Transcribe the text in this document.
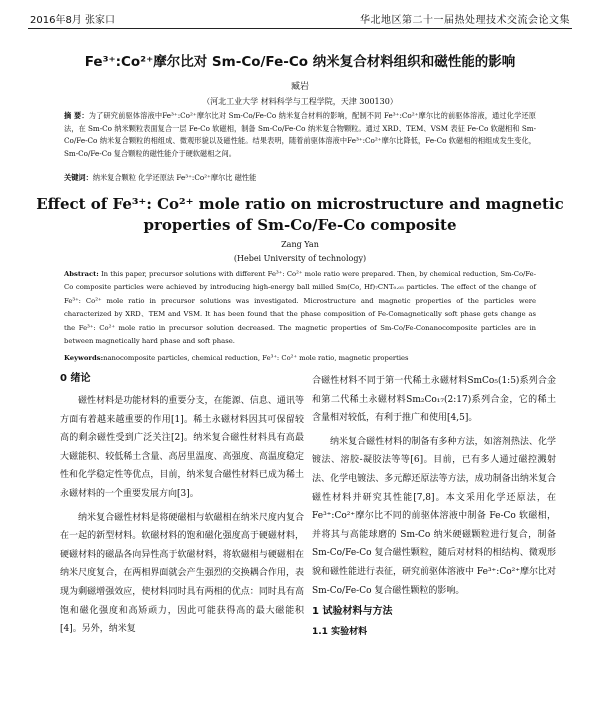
2016年8月 张家口	华北地区第二十一届热处理技术交流会论文集
Fe³⁺:Co²⁺摩尔比对 Sm-Co/Fe-Co 纳米复合材料组织和磁性能的影响
臧岩
（河北工业大学 材料科学与工程学院，天津 300130）
摘 要：为了研究前驱体溶液中Fe³⁺:Co²⁺摩尔比对 Sm-Co/Fe-Co 纳米复合材料的影响，配制不同 Fe³⁺:Co²⁺摩尔比的前驱体溶液，通过化学还原法，在 Sm-Co 纳米颗粒表面复合一层 Fe-Co 软磁相，制备 Sm-Co/Fe-Co 纳米复合物颗粒。通过 XRD、TEM、VSM 表征 Fe-Co 软磁相和 Sm-Co/Fe-Co 纳米复合颗粒的相组成、微观形貌以及磁性能。结果表明，随着前驱体溶液中Fe³⁺:Co²⁺摩尔比降低，Fe-Co 软磁相的相组成发生变化，Sm-Co/Fe-Co 复合颗粒的磁性能介于硬软磁相之间。
关键词：纳米复合颗粒 化学还原法 Fe³⁺:Co²⁺摩尔比 磁性能
Effect of Fe³⁺: Co²⁺ mole ratio on microstructure and magnetic
properties of Sm-Co/Fe-Co composite
Zang Yan
(Hebei University of technology)
Abstract: In this paper, precursor solutions with different Fe³⁺: Co²⁺ mole ratio were prepared. Then, by chemical reduction, Sm-Co/Fe-Co composite particles were achieved by introducing high-energy ball milled Sm(Co, Hf)₇CNT₀.₀₅ particles. The effect of the change of Fe³⁺: Co²⁺ mole ratio in precursor solutions was investigated. Microstructure and magnetic properties of the particles were characterized by XRD、TEM and VSM. It has been found that the phase composition of Fe-Comagnetically soft phase gets change as the Fe³⁺: Co²⁺ mole ratio in precursor solution decreased. The magnetic properties of Sm-Co/Fe-Conanocomposite particles are in between magnetically hard phase and soft phase.
Keywords:nanocomposite particles, chemical reduction, Fe³⁺: Co²⁺ mole ratio, magnetic properties
0 绪论

磁性材料是功能材料的重要分支，在能源、信息、通讯等方面有着越来越重要的作用[1]。稀土永磁材料因其可保留较高的剩余磁性受到广泛关注[2]。纳米复合磁性材料具有高最大磁能积、较低稀土含量、高居里温度、高强度、高温度稳定性和化学稳定性等优点，目前，纳米复合磁性材料已成为稀土永磁材料的一个重要发展方向[3]。

纳米复合磁性材料是将硬磁相与软磁相在纳米尺度内复合在一起的新型材料。软磁材料的饱和磁化强度高于硬磁材料，硬磁材料的磁晶各向异性高于软磁材料，将软磁相与硬磁相在纳米尺度复合，在两相界面就会产生强烈的交换耦合作用，表现为剩磁增强效应，使材料同时具有两相的优点：同时具有高饱和磁化强度和高矫顽力，因此可能获得高的最大磁能积[4]。另外，纳米复

合磁性材料不同于第一代稀土永磁材料SmCo₅(1:5)系列合金和第二代稀土永磁材料Sm₂Co₁₇(2:17)系列合金，它的稀土含量相对较低，有利于推广和使用[4,5]。

纳米复合磁性材料的制备有多种方法，如溶剂热法、化学镀法、溶胶-凝胶法等等[6]。目前，已有多人通过磁控溅射法、化学电镀法、多元醇还原法等方法，成功制备出纳米复合磁性材料并研究其性能[7,8]。本文采用化学还原法，在Fe³⁺:Co²⁺摩尔比不同的前驱体溶液中制备 Fe-Co 软磁相，并将其与高能球磨的 Sm-Co 纳米硬磁颗粒进行复合，制备 Sm-Co/Fe-Co 复合磁性颗粒，随后对材料的相结构、微观形貌和磁性能进行表征，研究前驱体溶液中 Fe³⁺:Co²⁺摩尔比对Sm-Co/Fe-Co 复合磁性颗粒的影响。

1 试验材料与方法
1.1 实验材料
